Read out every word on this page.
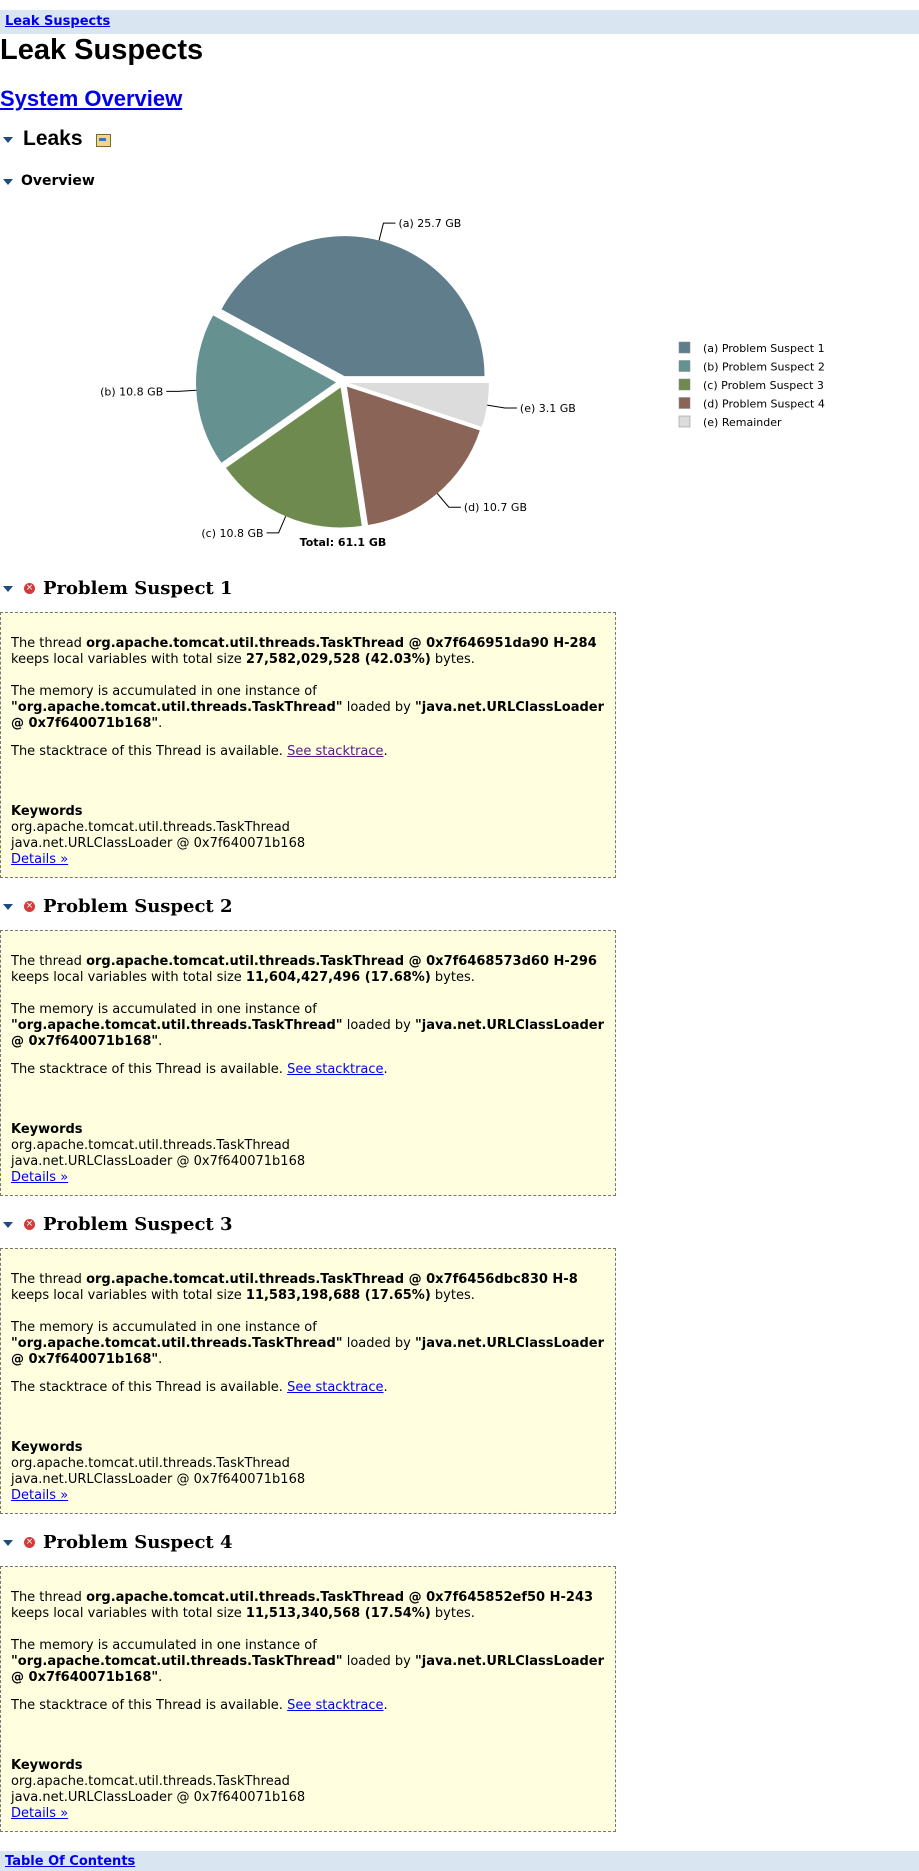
Leak Suspects
Leak Suspects
System Overview
Leaks
Overview
(a) 25.7 GB
(b) 10.8 GB
(c) 10.8 GB
(d) 10.7 GB
(e) 3.1 GB
Total: 61.1 GB
(a) Problem Suspect 1
(b) Problem Suspect 2
(c) Problem Suspect 3
(d) Problem Suspect 4
(e) Remainder
× Problem Suspect 1

The thread org.apache.tomcat.util.threads.TaskThread @ 0x7f646951da90 H-284 keeps local variables with total size 27,582,029,528 (42.03%) bytes.

The memory is accumulated in one instance of "org.apache.tomcat.util.threads.TaskThread" loaded by "java.net.URLClassLoader @ 0x7f640071b168".

The stacktrace of this Thread is available. See stacktrace.

Keywords
org.apache.tomcat.util.threads.TaskThread
java.net.URLClassLoader @ 0x7f640071b168
Details »
× Problem Suspect 2

The thread org.apache.tomcat.util.threads.TaskThread @ 0x7f6468573d60 H-296 keeps local variables with total size 11,604,427,496 (17.68%) bytes.

The memory is accumulated in one instance of "org.apache.tomcat.util.threads.TaskThread" loaded by "java.net.URLClassLoader @ 0x7f640071b168".

The stacktrace of this Thread is available. See stacktrace.

Keywords
org.apache.tomcat.util.threads.TaskThread
java.net.URLClassLoader @ 0x7f640071b168
Details »
× Problem Suspect 3

The thread org.apache.tomcat.util.threads.TaskThread @ 0x7f6456dbc830 H-8 keeps local variables with total size 11,583,198,688 (17.65%) bytes.

The memory is accumulated in one instance of "org.apache.tomcat.util.threads.TaskThread" loaded by "java.net.URLClassLoader @ 0x7f640071b168".

The stacktrace of this Thread is available. See stacktrace.

Keywords
org.apache.tomcat.util.threads.TaskThread
java.net.URLClassLoader @ 0x7f640071b168
Details »
× Problem Suspect 4

The thread org.apache.tomcat.util.threads.TaskThread @ 0x7f645852ef50 H-243 keeps local variables with total size 11,513,340,568 (17.54%) bytes.

The memory is accumulated in one instance of "org.apache.tomcat.util.threads.TaskThread" loaded by "java.net.URLClassLoader @ 0x7f640071b168".

The stacktrace of this Thread is available. See stacktrace.

Keywords
org.apache.tomcat.util.threads.TaskThread
java.net.URLClassLoader @ 0x7f640071b168
Details »
Table Of Contents
